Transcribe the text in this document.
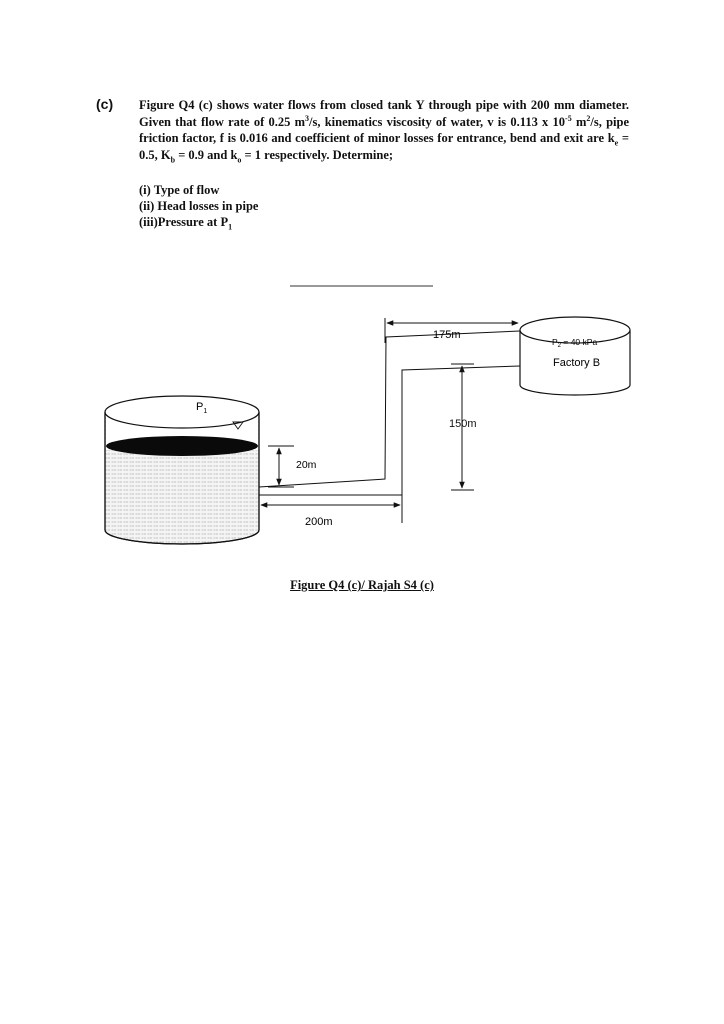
(c) Figure Q4 (c) shows water flows from closed tank Y through pipe with 200 mm diameter. Given that flow rate of 0.25 $m^3/s$, kinematics viscosity of water, v is 0.113 x $10^{-5}$ $m^2/s$, pipe friction factor, f is 0.016 and coefficient of minor losses for entrance, bend and exit are $k_e = 0.5$, $K_b = 0.9$ and $k_o = 1$ respectively. Determine;

(i) Type of flow
(ii) Head losses in pipe
(iii)Pressure at $P_1$
$P_1$
$P_2 = 40$ kPa
Factory B
175m
150m
20m
200m
Figure Q4 (c)/ Rajah S4 (c)
